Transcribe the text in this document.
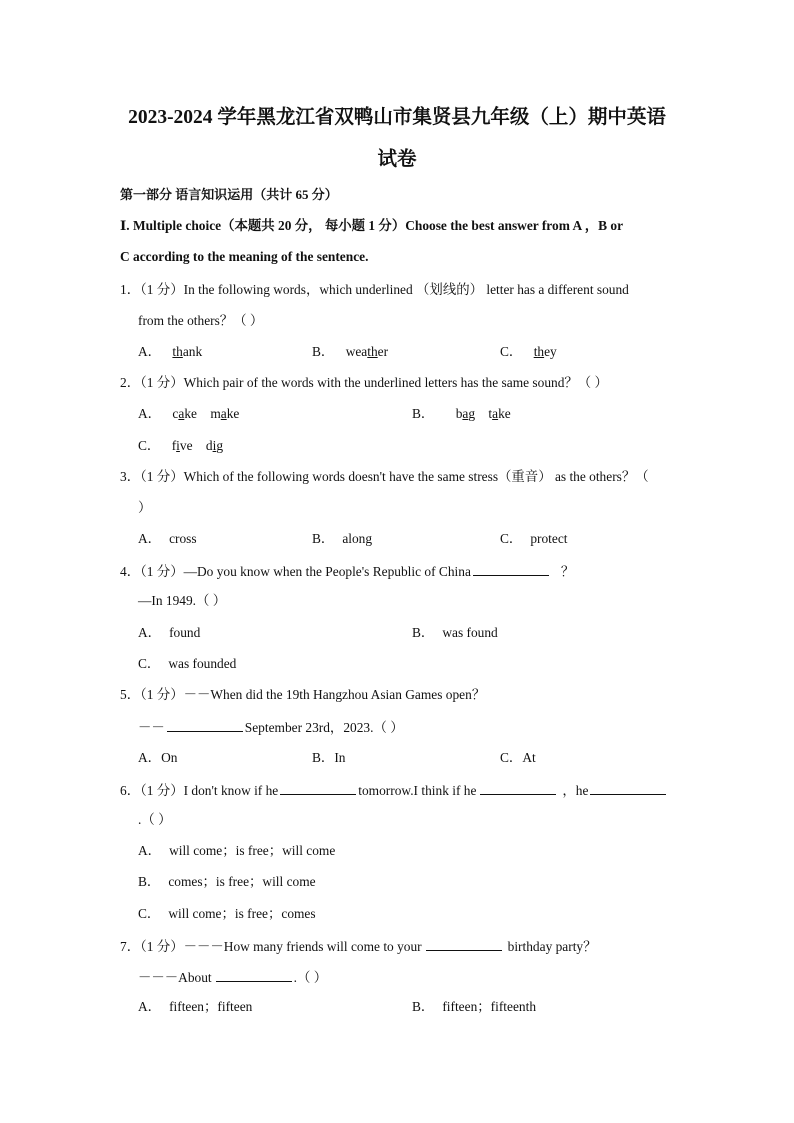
2023-2024 学年黑龙江省双鸭山市集贤县九年级（上）期中英语
试卷
第一部分 语言知识运用（共计 65 分）
Ⅰ. Multiple choice（本题共 20 分， 每小题 1 分）Choose the best answer from A ，B or
C according to the meaning of the sentence.
1．（1 分）In the following words，which underlined （划线的） letter has a different sound
from the others？（ ）
A． thank	B． weather	C． they
2．（1 分）Which pair of the words with the underlined letters has the same sound？（ ）
A． cake make	B． bag take
C． five dig
3．（1 分）Which of the following words doesn't have the same stress（重音） as the others？（
）
A． cross	B． along	C． protect
4．（1 分）—Do you know when the People's Republic of China	？
—In 1949.（ ）
A． found	B． was found
C． was founded
5．（1 分）－－When did the 19th Hangzhou Asian Games open？
－－	September 23rd，2023.（ ）
A．On	B．In	C．At
6．（1 分）I don't know if he	tomorrow.I think if he	，he
.（ ）
A． will come；is free；will come
B． comes；is free；will come
C． will come；is free；comes
7．（1 分）－－－How many friends will come to your	birthday party？
－－－About	.（ ）
A． fifteen；fifteen	B． fifteen；fifteenth
